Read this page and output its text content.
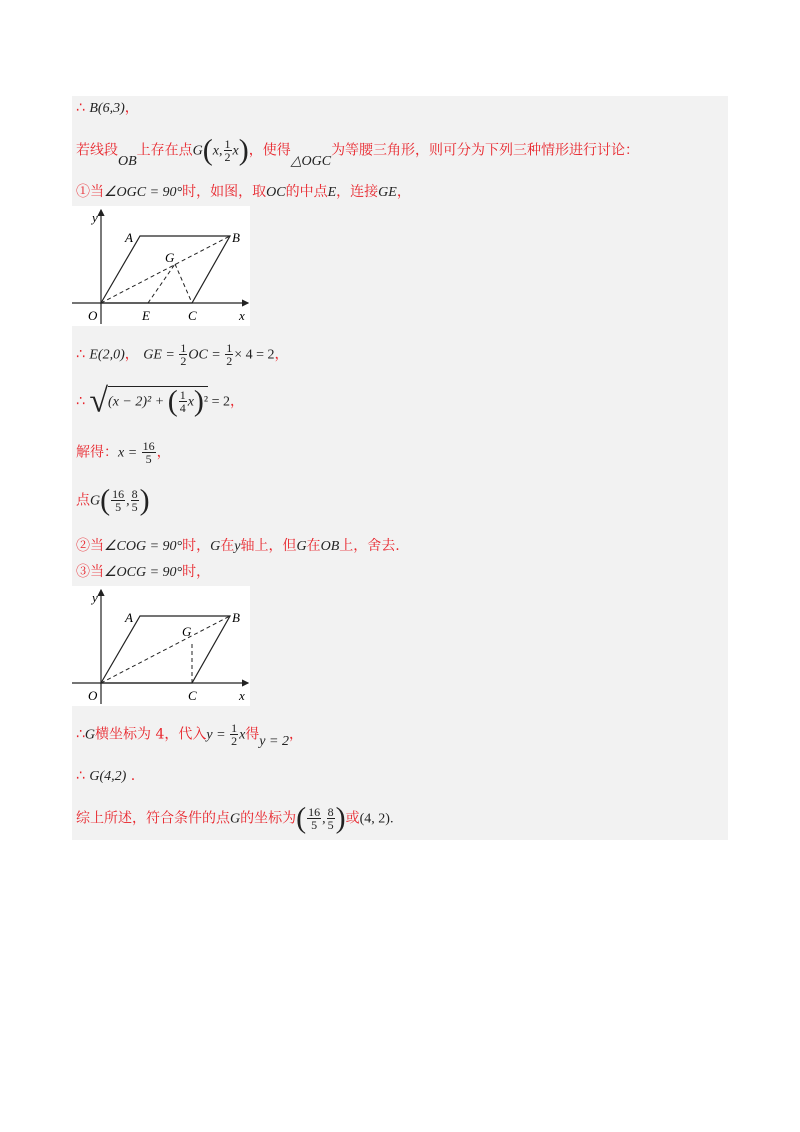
∴ B(6,3)，
若线段OB上存在点G(x, $\frac{1}{2} x$)，使得△OGC为等腰三角形，则可分为下列三种情形进行讨论：
①当∠OGC = 90°时，如图，取OC的中点E，连接GE，
y
x
O
A	B
G
E	C
∴ E(2,0)， GE = $\frac{1}{2}$ OC = $\frac{1}{2} \times 4 = 2$，
∴ √(x − 2)² + ( $\frac{1}{4} x)^2 = 2$，
解得：$x = \frac{16}{5}$ ，
点$G( \frac{16}{5}$ , $\frac{8}{5}$ )
②当∠COG = 90°时，G在y轴上，但G在OB上，舍去.
③当∠OCG = 90°时，
y
x
O
A	B
G
C
∴G横坐标为 4，代入$y = \frac{1}{2}$ x得y = 2，
∴ G(4,2) .
综上所述，符合条件的点G的坐标为( $\frac{16}{5}$ , $\frac{8}{5}$ )或(4, 2).
